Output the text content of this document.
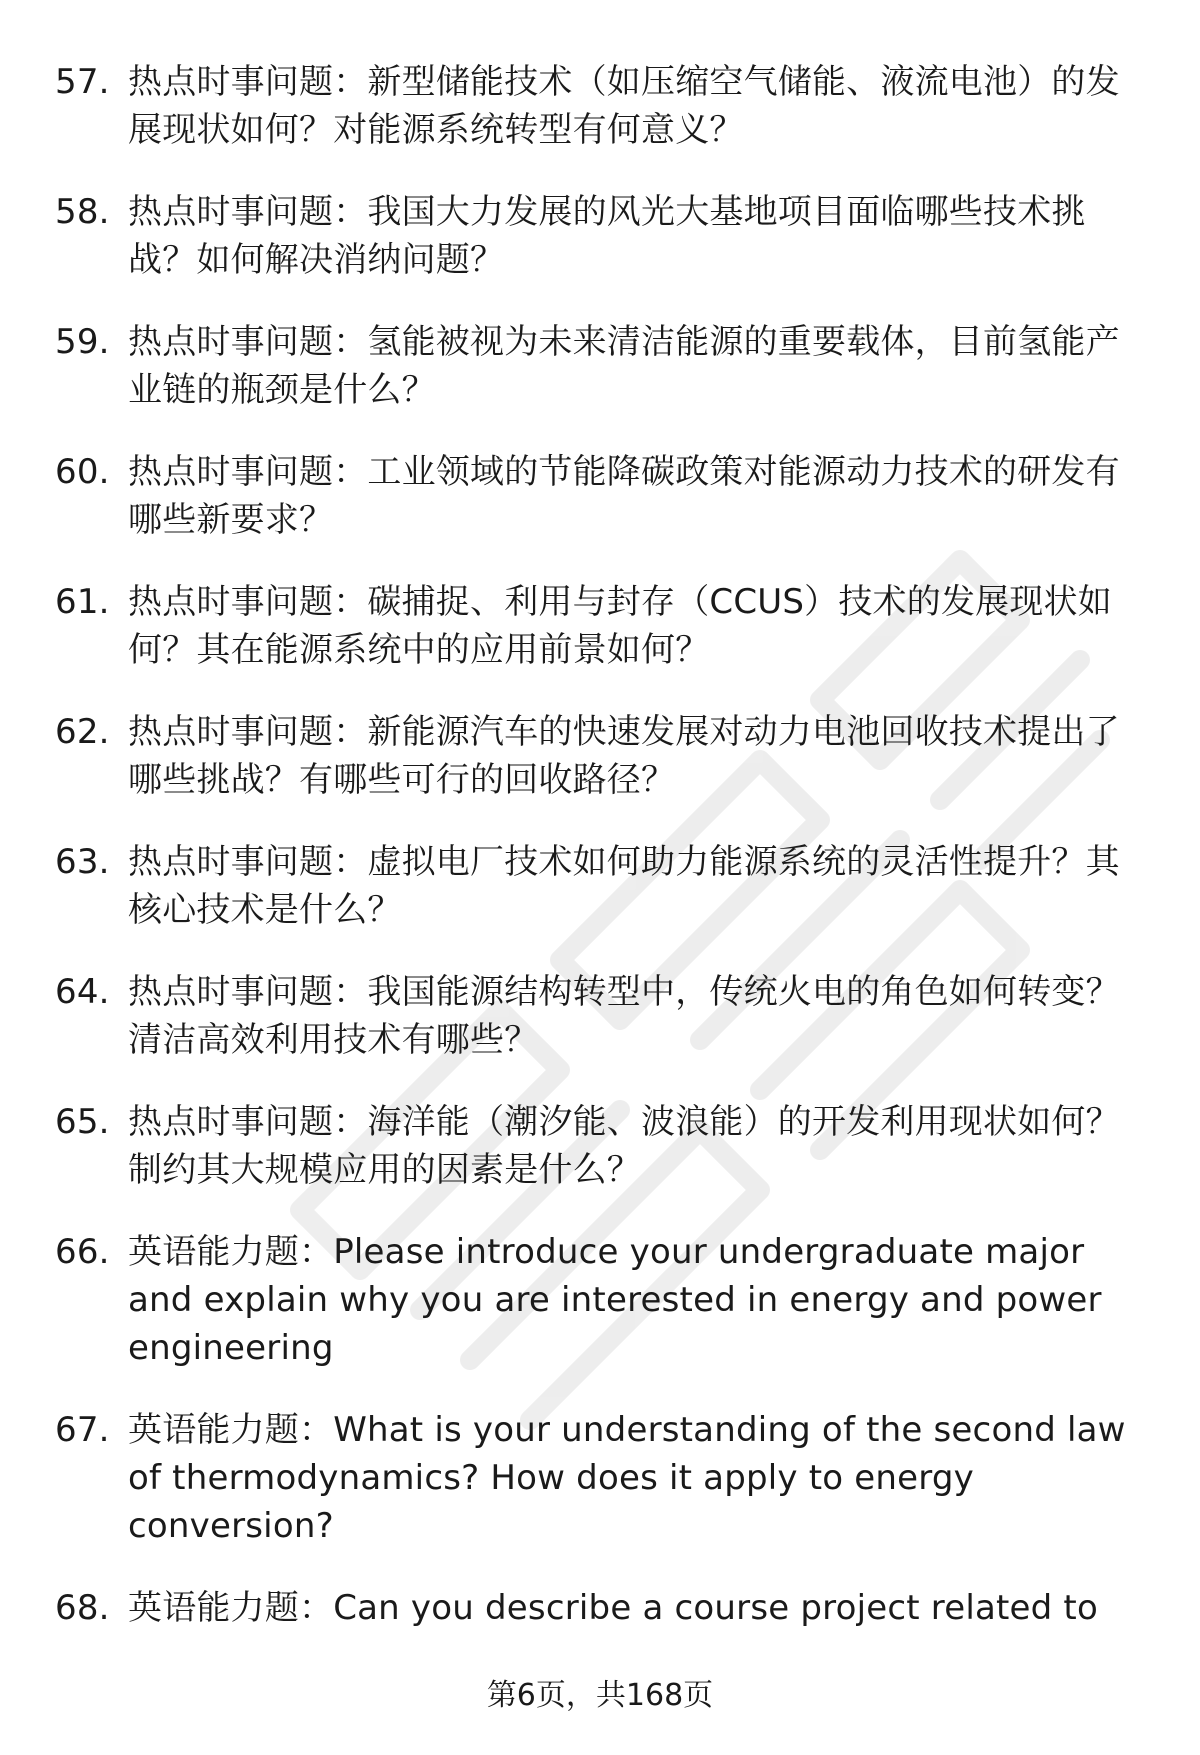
57. 热点时事问题：新型储能技术（如压缩空气储能、液流电池）的发展现状如何？对能源系统转型有何意义？
58. 热点时事问题：我国大力发展的风光大基地项目面临哪些技术挑战？如何解决消纳问题？
59. 热点时事问题：氢能被视为未来清洁能源的重要载体，目前氢能产业链的瓶颈是什么？
60. 热点时事问题：工业领域的节能降碳政策对能源动力技术的研发有哪些新要求？
61. 热点时事问题：碳捕捉、利用与封存（CCUS）技术的发展现状如何？其在能源系统中的应用前景如何？
62. 热点时事问题：新能源汽车的快速发展对动力电池回收技术提出了哪些挑战？有哪些可行的回收路径？
63. 热点时事问题：虚拟电厂技术如何助力能源系统的灵活性提升？其核心技术是什么？
64. 热点时事问题：我国能源结构转型中，传统火电的角色如何转变？清洁高效利用技术有哪些？
65. 热点时事问题：海洋能（潮汐能、波浪能）的开发利用现状如何？制约其大规模应用的因素是什么？
66. 英语能力题：Please introduce your undergraduate major and explain why you are interested in energy and power engineering
67. 英语能力题：What is your understanding of the second law of thermodynamics? How does it apply to energy conversion?
68. 英语能力题：Can you describe a course project related to
第6页，共168页
